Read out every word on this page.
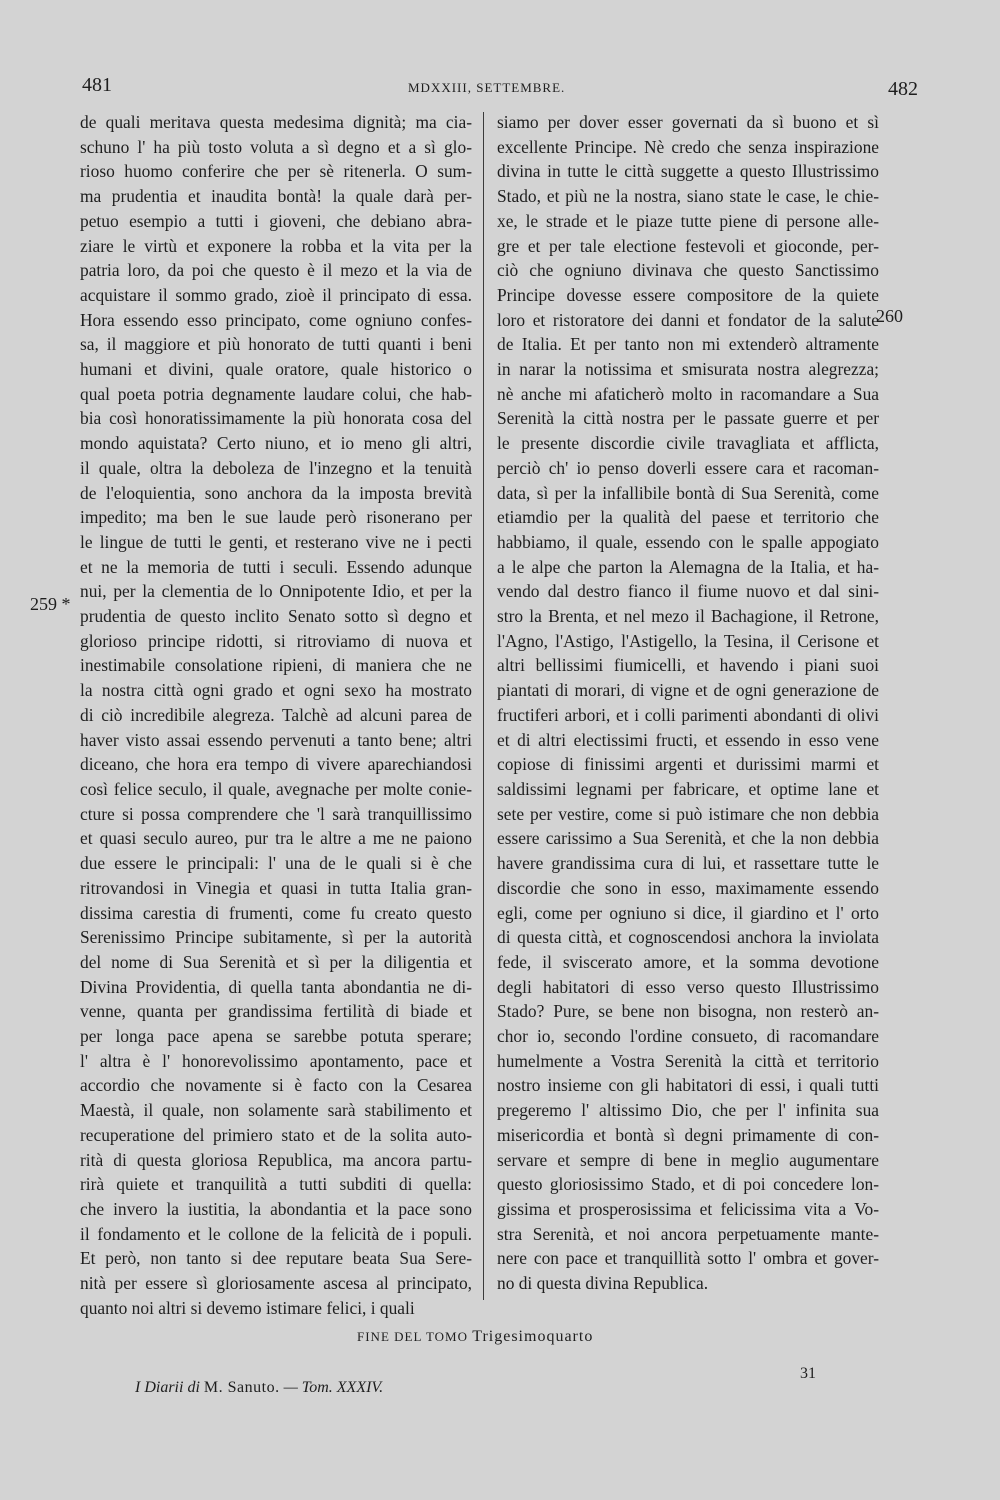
481	MDXXIII, SETTEMBRE.	482
259 *
260
de quali meritava questa medesima dignità; ma cia-
schuno l' ha più tosto voluta a sì degno et a sì glo-
rioso huomo conferire che per sè ritenerla. O sum-
ma prudentia et inaudita bontà! la quale darà per-
petuo esempio a tutti i gioveni, che debiano abra-
ziare le virtù et exponere la robba et la vita per la
patria loro, da poi che questo è il mezo et la via de
acquistare il sommo grado, zioè il principato di essa.
Hora essendo esso principato, come ogniuno confes-
sa, il maggiore et più honorato de tutti quanti i beni
humani et divini, quale oratore, quale historico o
qual poeta potria degnamente laudare colui, che hab-
bia così honoratissimamente la più honorata cosa del
mondo aquistata? Certo niuno, et io meno gli altri,
il quale, oltra la deboleza de l'inzegno et la tenuità
de l'eloquientia, sono anchora da la imposta brevità
impedito; ma ben le sue laude però risonerano per
le lingue de tutti le genti, et resterano vive ne i pecti
et ne la memoria de tutti i seculi. Essendo adunque
nui, per la clementia de lo Onnipotente Idio, et per la
prudentia de questo inclito Senato sotto sì degno et
glorioso principe ridotti, si ritroviamo di nuova et
inestimabile consolatione ripieni, di maniera che ne
la nostra città ogni grado et ogni sexo ha mostrato
di ciò incredibile alegreza. Talchè ad alcuni parea de
haver visto assai essendo pervenuti a tanto bene; altri
diceano, che hora era tempo di vivere aparechiandosi
così felice seculo, il quale, avegnache per molte conie-
cture si possa comprendere che 'l sarà tranquillissimo
et quasi seculo aureo, pur tra le altre a me ne paiono
due essere le principali: l' una de le quali si è che
ritrovandosi in Vinegia et quasi in tutta Italia gran-
dissima carestia di frumenti, come fu creato questo
Serenissimo Principe subitamente, sì per la autorità
del nome di Sua Serenità et sì per la diligentia et
Divina Providentia, di quella tanta abondantia ne di-
venne, quanta per grandissima fertilità di biade et
per longa pace apena se sarebbe potuta sperare;
l' altra è l' honorevolissimo apontamento, pace et
accordio che novamente si è facto con la Cesarea
Maestà, il quale, non solamente sarà stabilimento et
recuperatione del primiero stato et de la solita auto-
rità di questa gloriosa Republica, ma ancora partu-
rirà quiete et tranquilità a tutti subditi di quella:
che invero la iustitia, la abondantia et la pace sono
il fondamento et le collone de la felicità de i populi.
Et però, non tanto si dee reputare beata Sua Sere-
nità per essere sì gloriosamente ascesa al principato,
quanto noi altri si devemo istimare felici, i quali
siamo per dover esser governati da sì buono et sì
excellente Principe. Nè credo che senza inspirazione
divina in tutte le città suggette a questo Illustrissimo
Stado, et più ne la nostra, siano state le case, le chie-
xe, le strade et le piaze tutte piene di persone alle-
gre et per tale electione festevoli et gioconde, per-
ciò che ogniuno divinava che questo Sanctissimo
Principe dovesse essere compositore de la quiete
loro et ristoratore dei danni et fondator de la salute
de Italia. Et per tanto non mi extenderò altramente
in narar la notissima et smisurata nostra alegrezza;
nè anche mi afaticherò molto in racomandare a Sua
Serenità la città nostra per le passate guerre et per
le presente discordie civile travagliata et afflicta,
perciò ch' io penso doverli essere cara et racoman-
data, sì per la infallibile bontà di Sua Serenità, come
etiamdio per la qualità del paese et territorio che
habbiamo, il quale, essendo con le spalle appogiato
a le alpe che parton la Alemagna de la Italia, et ha-
vendo dal destro fianco il fiume nuovo et dal sini-
stro la Brenta, et nel mezo il Bachagione, il Retrone,
l'Agno, l'Astigo, l'Astigello, la Tesina, il Cerisone et
altri bellissimi fiumicelli, et havendo i piani suoi
piantati di morari, di vigne et de ogni generazione de
fructiferi arbori, et i colli parimenti abondanti di olivi
et di altri electissimi fructi, et essendo in esso vene
copiose di finissimi argenti et durissimi marmi et
saldissimi legnami per fabricare, et optime lane et
sete per vestire, come si può istimare che non debbia
essere carissimo a Sua Serenità, et che la non debbia
havere grandissima cura di lui, et rassettare tutte le
discordie che sono in esso, maximamente essendo
egli, come per ogniuno si dice, il giardino et l' orto
di questa città, et cognoscendosi anchora la inviolata
fede, il sviscerato amore, et la somma devotione
degli habitatori di esso verso questo Illustrissimo
Stado? Pure, se bene non bisogna, non resterò an-
chor io, secondo l'ordine consueto, di racomandare
humelmente a Vostra Serenità la città et territorio
nostro insieme con gli habitatori di essi, i quali tutti
pregeremo l' altissimo Dio, che per l' infinita sua
misericordia et bontà sì degni primamente di con-
servare et sempre di bene in meglio augumentare
questo gloriosissimo Stado, et di poi concedere lon-
gissima et prosperosissima et felicissima vita a Vo-
stra Serenità, et noi ancora perpetuamente mante-
nere con pace et tranquillità sotto l' ombra et gover-
no di questa divina Republica.
FINE DEL TOMO Trigesimoquarto
I Diarii di M. Sanuto. — Tom. XXXIV.
31
